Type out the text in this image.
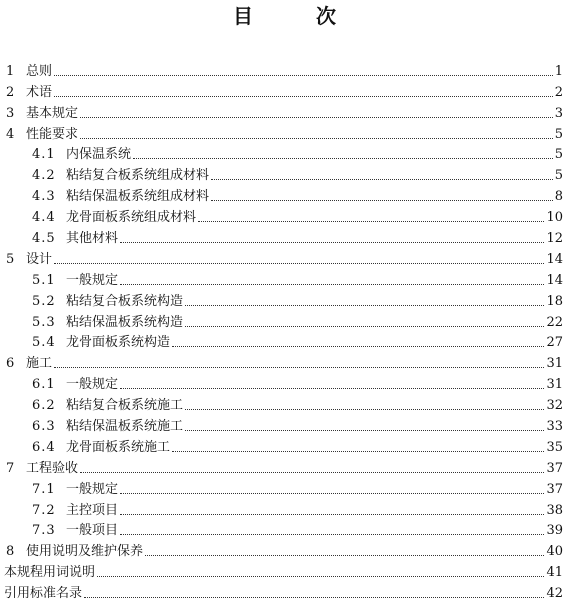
目 次
1 总则	1
2 术语	2
3 基本规定	3
4 性能要求	5
4.1 内保温系统	5
4.2 粘结复合板系统组成材料	5
4.3 粘结保温板系统组成材料	8
4.4 龙骨面板系统组成材料	10
4.5 其他材料	12
5 设计	14
5.1 一般规定	14
5.2 粘结复合板系统构造	18
5.3 粘结保温板系统构造	22
5.4 龙骨面板系统构造	27
6 施工	31
6.1 一般规定	31
6.2 粘结复合板系统施工	32
6.3 粘结保温板系统施工	33
6.4 龙骨面板系统施工	35
7 工程验收	37
7.1 一般规定	37
7.2 主控项目	38
7.3 一般项目	39
8 使用说明及维护保养	40
本规程用词说明	41
引用标准名录	42
